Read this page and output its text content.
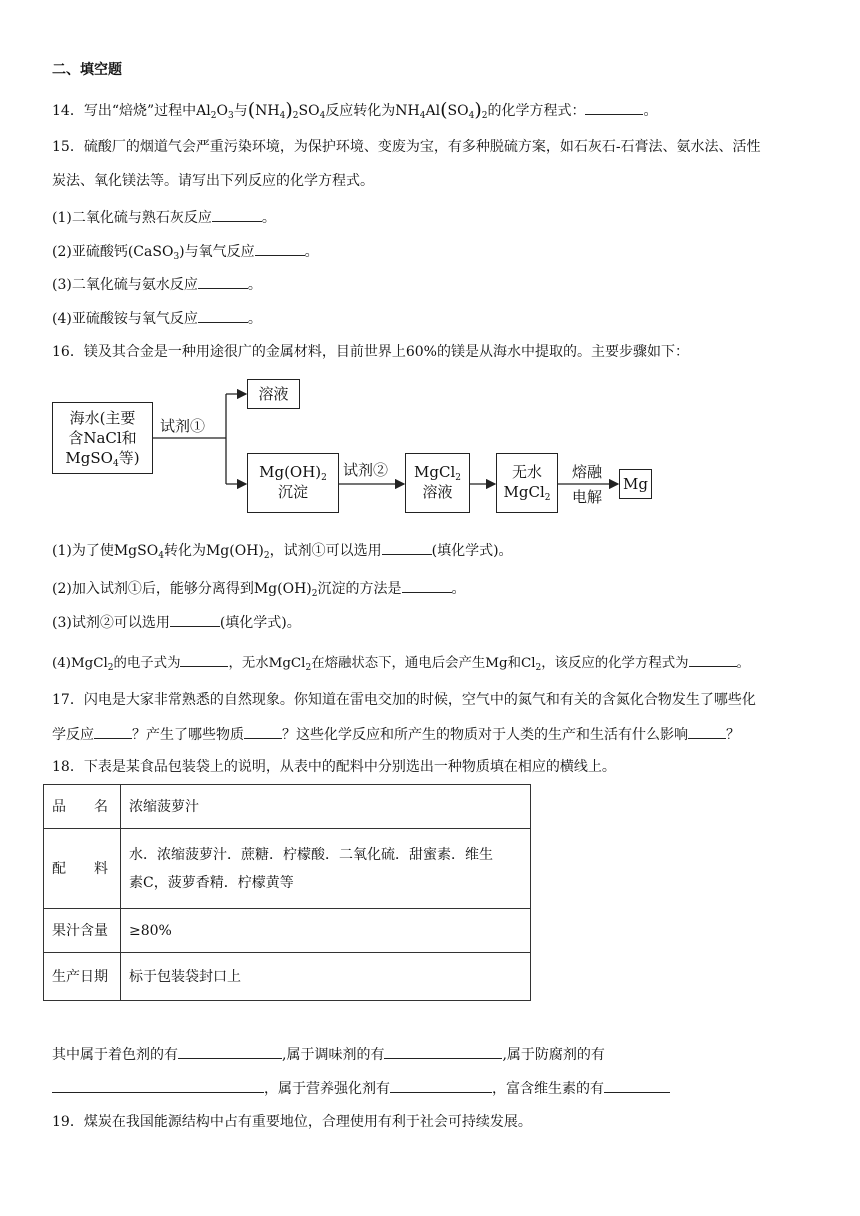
二、填空题
14．写出“焙烧”过程中$Al_2O_3$与$(NH_4)_2SO_4$反应转化为$NH_4Al(SO_4)_2$的化学方程式：	。
15．硫酸厂的烟道气会严重污染环境，为保护环境、变废为宝，有多种脱硫方案，如石灰石-石膏法、氨水法、活性
炭法、氧化镁法等。请写出下列反应的化学方程式。
(1)二氧化硫与熟石灰反应	。
(2)亚硫酸钙(CaSO$_3$)与氧气反应	。
(3)二氧化硫与氨水反应	。
(4)亚硫酸铵与氧气反应	。
16．镁及其合金是一种用途很广的金属材料，目前世界上60%的镁是从海水中提取的。主要步骤如下：
海水(主要
含NaCl和
MgSO$_4$等)
试剂①
溶液
$Mg(OH)_2$
沉淀
试剂②	MgCl$_2$
溶液
无水
MgCl$_2$
熔融
电解
Mg
(1)为了使MgSO$_4$转化为$Mg(OH)_2$，试剂①可以选用	(填化学式)。
(2)加入试剂①后，能够分离得到$Mg(OH)_2$沉淀的方法是	。
(3)试剂②可以选用	(填化学式)。
(4)MgCl$_2$的电子式为	，无水MgCl$_2$在熔融状态下，通电后会产生Mg和$Cl_2$，该反应的化学方程式为	。
17．闪电是大家非常熟悉的自然现象。你知道在雷电交加的时候，空气中的氮气和有关的含氮化合物发生了哪些化
学反应	？产生了哪些物质	？这些化学反应和所产生的物质对于人类的生产和生活有什么影响	？
18．下表是某食品包装袋上的说明，从表中的配料中分别选出一种物质填在相应的横线上。
品　　名	浓缩菠萝汁
配　　料	水．浓缩菠萝汁．蔗糖．柠檬酸．二氧化硫．甜蜜素．维生
素C，菠萝香精．柠檬黄等

果汁含量	≥80%
生产日期	标于包装袋封口上
其中属于着色剂的有	,属于调味剂的有	,属于防腐剂的有
，属于营养强化剂有	，富含维生素的有
19．煤炭在我国能源结构中占有重要地位，合理使用有利于社会可持续发展。
